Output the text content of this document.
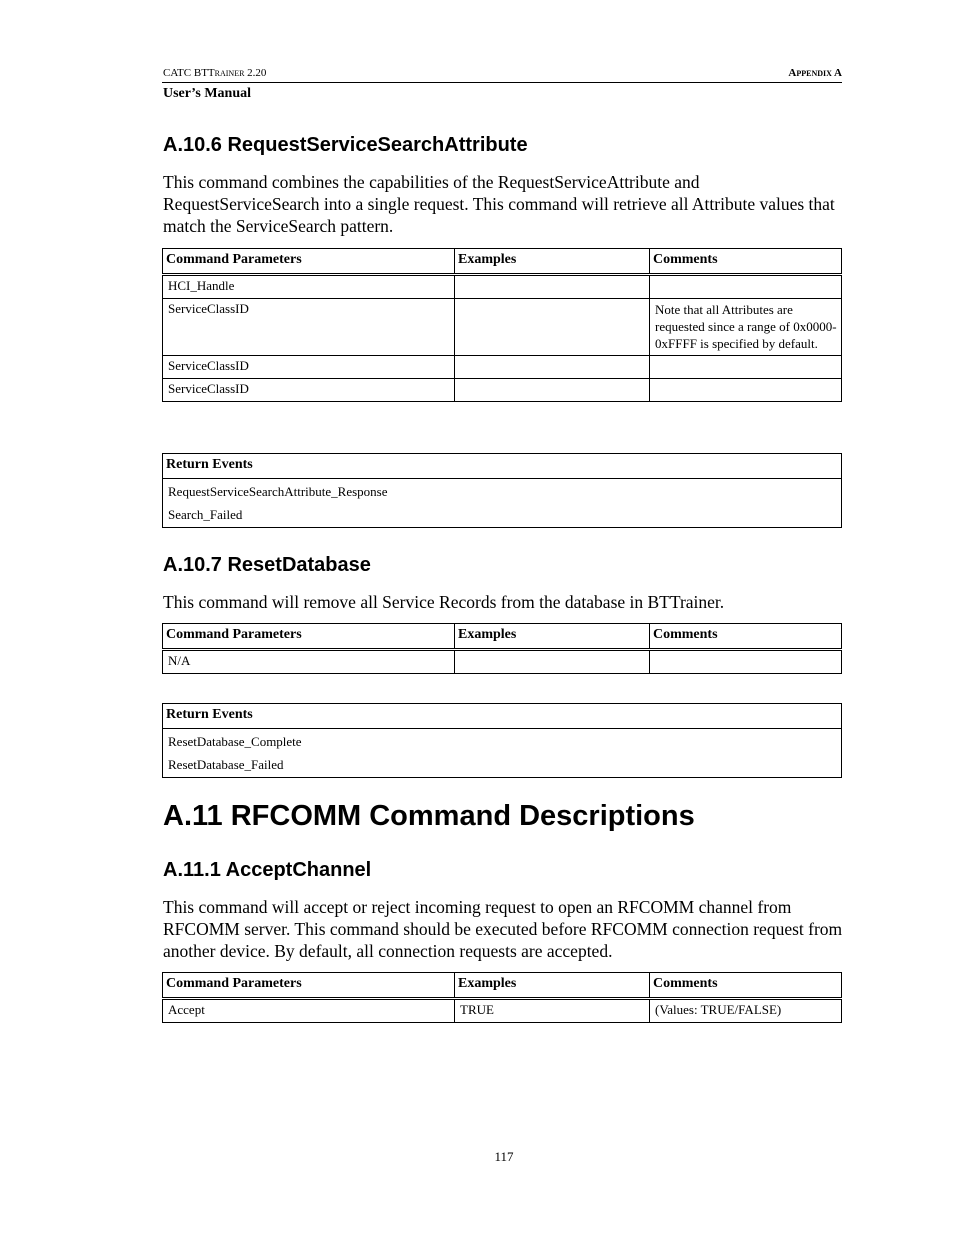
CATC BTTrainer 2.20	Appendix A
User’s Manual
A.10.6 RequestServiceSearchAttribute
This command combines the capabilities of the RequestServiceAttribute and RequestServiceSearch into a single request. This command will retrieve all Attribute values that match the ServiceSearch pattern.
Command Parameters	Examples	Comments
HCI_Handle		
ServiceClassID		Note that all Attributes are requested since a range of 0x0000-0xFFFF is specified by default.
ServiceClassID		
ServiceClassID		
Return Events

RequestServiceSearchAttribute_Response
Search_Failed
A.10.7 ResetDatabase
This command will remove all Service Records from the database in BTTrainer.
Command Parameters	Examples	Comments
N/A		
Return Events

ResetDatabase_Complete
ResetDatabase_Failed
A.11 RFCOMM Command Descriptions
A.11.1 AcceptChannel
This command will accept or reject incoming request to open an RFCOMM channel from RFCOMM server. This command should be executed before RFCOMM connection request from another device. By default, all connection requests are accepted.
Command Parameters	Examples	Comments
Accept	TRUE	(Values: TRUE/FALSE)
117
